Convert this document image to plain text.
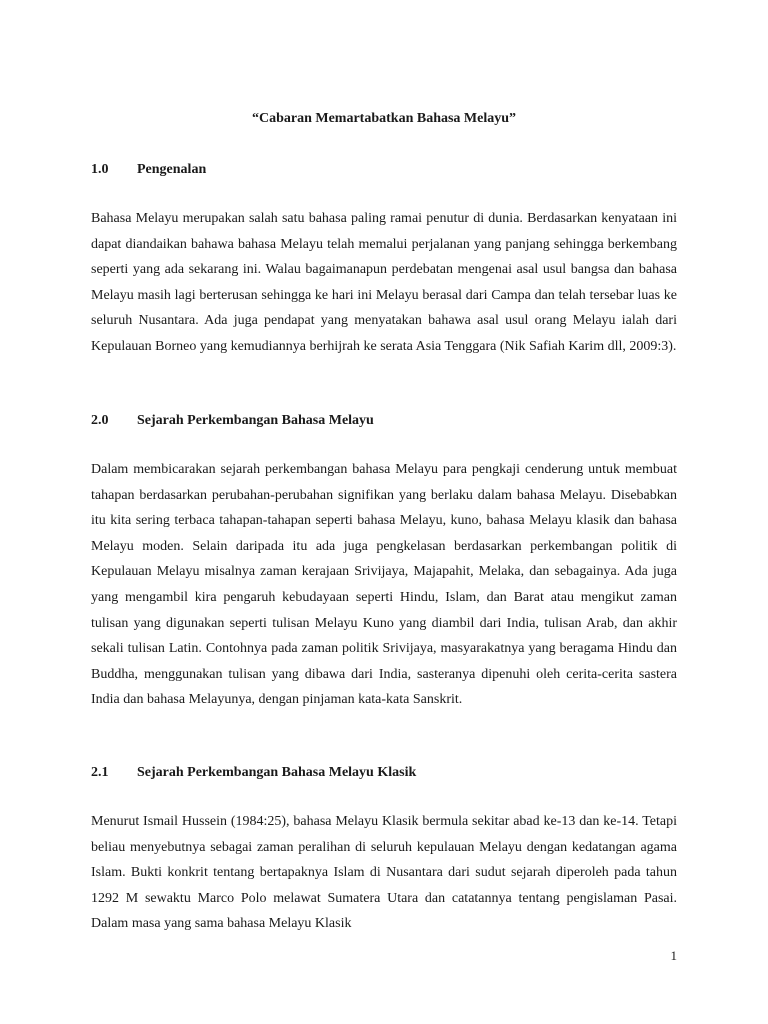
“Cabaran Memartabatkan Bahasa Melayu”
1.0 Pengenalan

Bahasa Melayu merupakan salah satu bahasa paling ramai penutur di dunia. Berdasarkan kenyataan ini dapat diandaikan bahawa bahasa Melayu telah memalui perjalanan yang panjang sehingga berkembang seperti yang ada sekarang ini. Walau bagaimanapun perdebatan mengenai asal usul bangsa dan bahasa Melayu masih lagi berterusan sehingga ke hari ini Melayu berasal dari Campa dan telah tersebar luas ke seluruh Nusantara. Ada juga pendapat yang menyatakan bahawa asal usul orang Melayu ialah dari Kepulauan Borneo yang kemudiannya berhijrah ke serata Asia Tenggara (Nik Safiah Karim dll, 2009:3).

2.0 Sejarah Perkembangan Bahasa Melayu

Dalam membicarakan sejarah perkembangan bahasa Melayu para pengkaji cenderung untuk membuat tahapan berdasarkan perubahan-perubahan signifikan yang berlaku dalam bahasa Melayu. Disebabkan itu kita sering terbaca tahapan-tahapan seperti bahasa Melayu, kuno, bahasa Melayu klasik dan bahasa Melayu moden. Selain daripada itu ada juga pengkelasan berdasarkan perkembangan politik di Kepulauan Melayu misalnya zaman kerajaan Srivijaya, Majapahit, Melaka, dan sebagainya. Ada juga yang mengambil kira pengaruh kebudayaan seperti Hindu, Islam, dan Barat atau mengikut zaman tulisan yang digunakan seperti tulisan Melayu Kuno yang diambil dari India, tulisan Arab, dan akhir sekali tulisan Latin. Contohnya pada zaman politik Srivijaya, masyarakatnya yang beragama Hindu dan Buddha, menggunakan tulisan yang dibawa dari India, sasteranya dipenuhi oleh cerita-cerita sastera India dan bahasa Melayunya, dengan pinjaman kata-kata Sanskrit.

2.1 Sejarah Perkembangan Bahasa Melayu Klasik

Menurut Ismail Hussein (1984:25), bahasa Melayu Klasik bermula sekitar abad ke-13 dan ke-14. Tetapi beliau menyebutnya sebagai zaman peralihan di seluruh kepulauan Melayu dengan kedatangan agama Islam. Bukti konkrit tentang bertapaknya Islam di Nusantara dari sudut sejarah diperoleh pada tahun 1292 M sewaktu Marco Polo melawat Sumatera Utara dan catatannya tentang pengislaman Pasai. Dalam masa yang sama bahasa Melayu Klasik

1
